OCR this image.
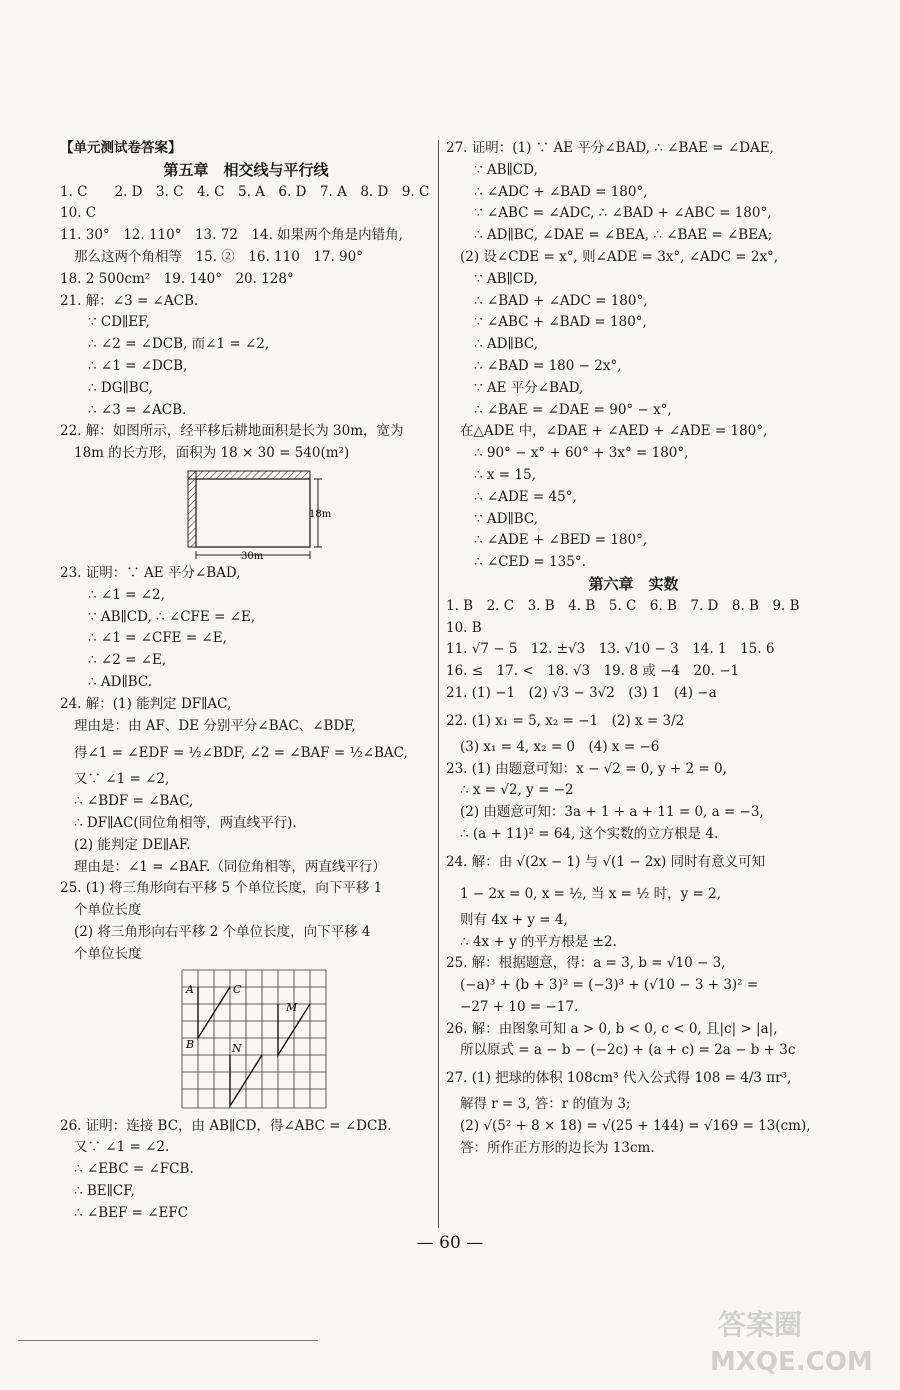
【单元测试卷答案】
第五章　相交线与平行线
1. C　　2. D　3. C　4. C　5. A　6. D　7. A　8. D　9. C
10. C
11. 30°　12. 110°　13. 72　14. 如果两个角是内错角,
那么这两个角相等　15. ②　16. 110　17. 90°
18. 2 500cm²　19. 140°　20. 128°
21. 解：∠3 = ∠ACB.
∵ CD∥EF,
∴ ∠2 = ∠DCB, 而∠1 = ∠2,
∴ ∠1 = ∠DCB,
∴ DG∥BC,
∴ ∠3 = ∠ACB.
22. 解：如图所示，经平移后耕地面积是长为 30m，宽为
18m 的长方形，面积为 18 × 30 = 540(m²)
18m
30m
23. 证明：∵ AE 平分∠BAD,
∴ ∠1 = ∠2,
∵ AB∥CD, ∴ ∠CFE = ∠E,
∴ ∠1 = ∠CFE = ∠E,
∴ ∠2 = ∠E,
∴ AD∥BC.
24. 解：(1) 能判定 DF∥AC,
理由是：由 AF、DE 分别平分∠BAC、∠BDF,
得∠1 = ∠EDF = ½∠BDF, ∠2 = ∠BAF = ½∠BAC,
又∵ ∠1 = ∠2,
∴ ∠BDF = ∠BAC,
∴ DF∥AC(同位角相等，两直线平行).
(2) 能判定 DE∥AF.
理由是：∠1 = ∠BAF.（同位角相等，两直线平行）
25. (1) 将三角形向右平移 5 个单位长度，向下平移 1
个单位长度
(2) 将三角形向右平移 2 个单位长度，向下平移 4
个单位长度
A	C
M
B	N
26. 证明：连接 BC，由 AB∥CD，得∠ABC = ∠DCB.
又∵ ∠1 = ∠2.
∴ ∠EBC = ∠FCB.
∴ BE∥CF,
∴ ∠BEF = ∠EFC
27. 证明：(1) ∵ AE 平分∠BAD, ∴ ∠BAE = ∠DAE,
∵ AB∥CD,
∴ ∠ADC + ∠BAD = 180°,
∵ ∠ABC = ∠ADC, ∴ ∠BAD + ∠ABC = 180°,
∴ AD∥BC, ∠DAE = ∠BEA, ∴ ∠BAE = ∠BEA;
(2) 设∠CDE = x°, 则∠ADE = 3x°, ∠ADC = 2x°,
∵ AB∥CD,
∴ ∠BAD + ∠ADC = 180°,
∵ ∠ABC + ∠BAD = 180°,
∴ AD∥BC,
∴ ∠BAD = 180 − 2x°,
∵ AE 平分∠BAD,
∴ ∠BAE = ∠DAE = 90° − x°,
在△ADE 中，∠DAE + ∠AED + ∠ADE = 180°,
∴ 90° − x° + 60° + 3x° = 180°,
∴ x = 15,
∴ ∠ADE = 45°,
∵ AD∥BC,
∴ ∠ADE + ∠BED = 180°,
∴ ∠CED = 135°.
第六章　实数
1. B　2. C　3. B　4. B　5. C　6. B　7. D　8. B　9. B
10. B
11. √7 − 5　12. ±√3　13. √10 − 3　14. 1　15. 6
16. ≤　17. <　18. √3　19. 8 或 −4　20. −1
21. (1) −1　(2) √3 − 3√2　(3) 1　(4) −a
22. (1) x₁ = 5, x₂ = −1　(2) x = 3/2
(3) x₁ = 4, x₂ = 0　(4) x = −6
23. (1) 由题意可知：x − √2 = 0, y + 2 = 0,
∴ x = √2, y = −2
(2) 由题意可知：3a + 1 + a + 11 = 0, a = −3,
∴ (a + 11)² = 64, 这个实数的立方根是 4.
24. 解：由 √(2x − 1) 与 √(1 − 2x) 同时有意义可知
1 − 2x = 0, x = ½, 当 x = ½ 时，y = 2,
则有 4x + y = 4,
∴ 4x + y 的平方根是 ±2.
25. 解：根据题意，得：a = 3, b = √10 − 3,
(−a)³ + (b + 3)² = (−3)³ + (√10 − 3 + 3)² =
−27 + 10 = −17.
26. 解：由图象可知 a > 0, b < 0, c < 0, 且|c| > |a|,
所以原式 = a − b − (−2c) + (a + c) = 2a − b + 3c
27. (1) 把球的体积 108cm³ 代入公式得 108 = 4/3 πr³,
解得 r = 3, 答：r 的值为 3;
(2) √(5² + 8 × 18) = √(25 + 144) = √169 = 13(cm),
答：所作正方形的边长为 13cm.
— 60 —
答案圈
MXQE.COM
